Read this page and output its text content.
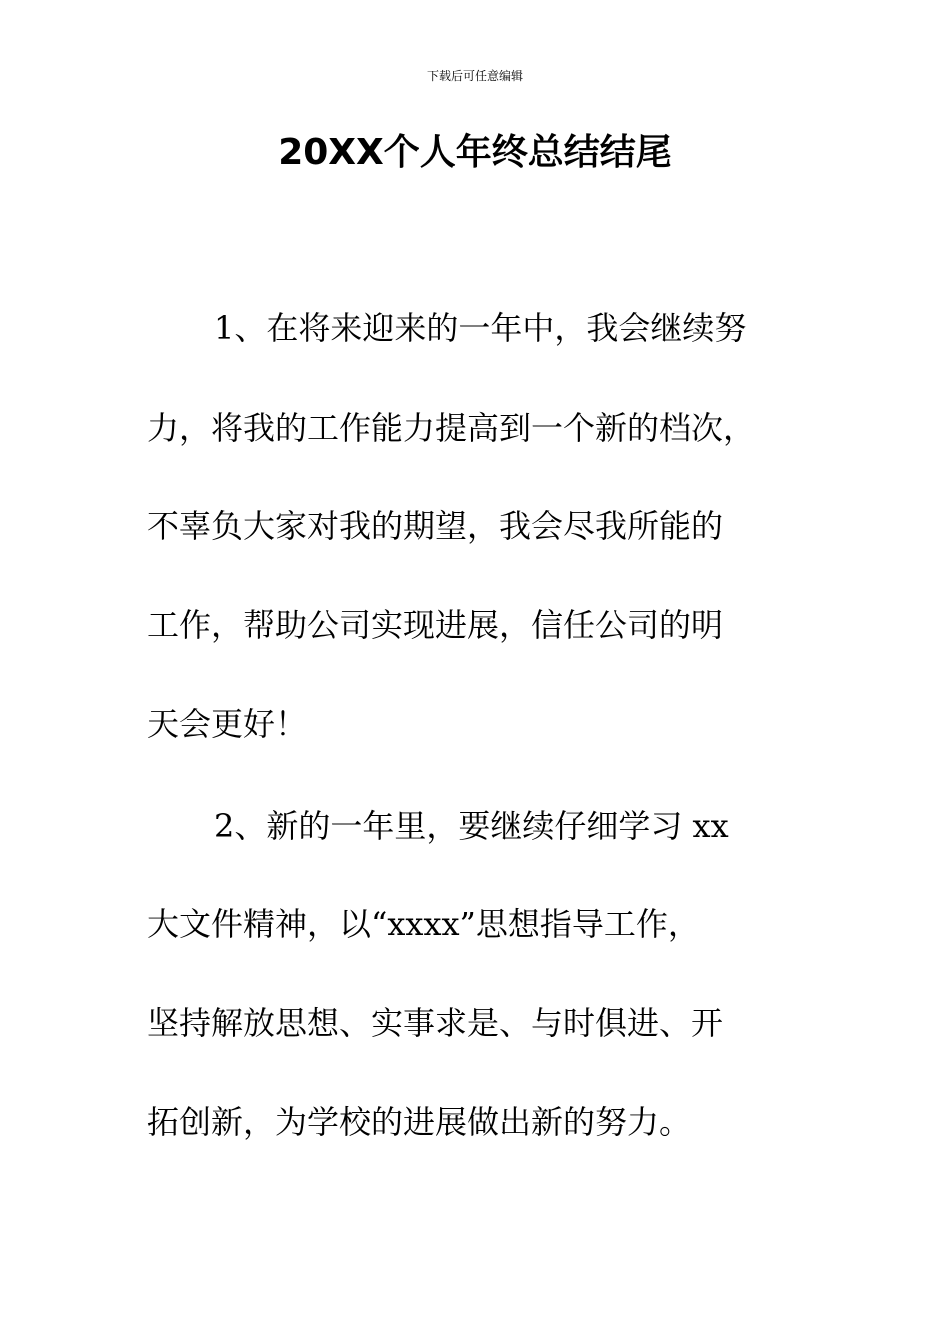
下载后可任意编辑
20XX个人年终总结结尾
1、在将来迎来的一年中，我会继续努
力，将我的工作能力提高到一个新的档次，
不辜负大家对我的期望，我会尽我所能的
工作，帮助公司实现进展，信任公司的明
天会更好！
2、新的一年里，要继续仔细学习 xx
大文件精神，以“xxxx”思想指导工作，
坚持解放思想、实事求是、与时俱进、开
拓创新，为学校的进展做出新的努力。
